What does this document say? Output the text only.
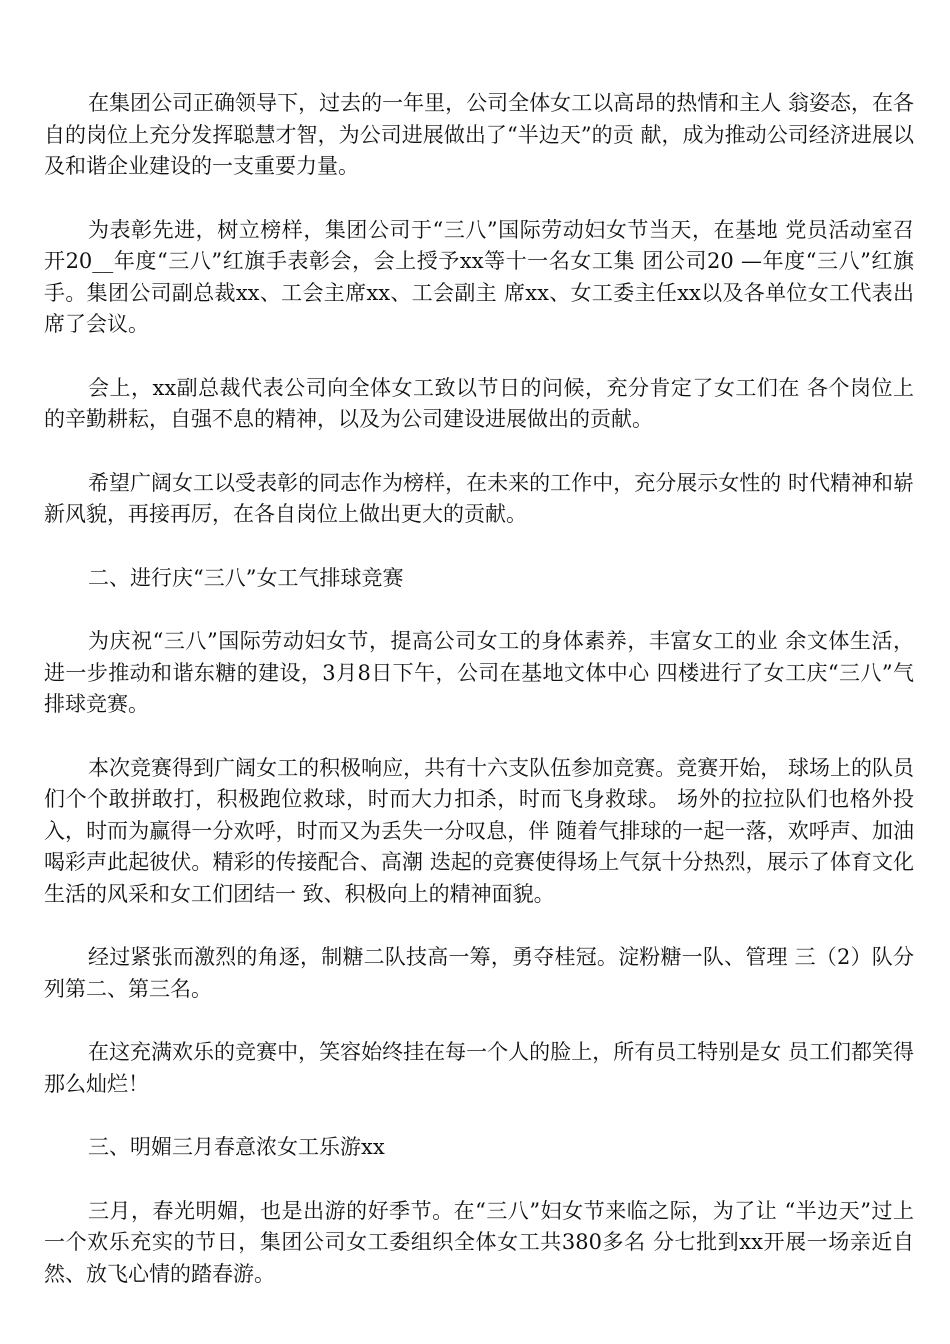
在集团公司正确领导下，过去的一年里，公司全体女工以高昂的热情和主人 翁姿态，在各自的岗位上充分发挥聪慧才智，为公司进展做出了“半边天”的贡 献，成为推动公司经济进展以及和谐企业建设的一支重要力量。

为表彰先进，树立榜样，集团公司于“三八”国际劳动妇女节当天，在基地 党员活动室召开20__年度“三八”红旗手表彰会，会上授予xx等十一名女工集 团公司20 —年度“三八”红旗手。集团公司副总裁xx、工会主席xx、工会副主 席xx、女工委主任xx以及各单位女工代表出席了会议。

会上，xx副总裁代表公司向全体女工致以节日的问候，充分肯定了女工们在 各个岗位上的辛勤耕耘，自强不息的精神，以及为公司建设进展做出的贡献。

希望广阔女工以受表彰的同志作为榜样，在未来的工作中，充分展示女性的 时代精神和崭新风貌，再接再厉，在各自岗位上做出更大的贡献。

二、进行庆“三八”女工气排球竞赛

为庆祝“三八”国际劳动妇女节，提高公司女工的身体素养，丰富女工的业 余文体生活，进一步推动和谐东糖的建设，3月8日下午，公司在基地文体中心 四楼进行了女工庆“三八”气排球竞赛。

本次竞赛得到广阔女工的积极响应，共有十六支队伍参加竞赛。竞赛开始， 球场上的队员们个个敢拼敢打，积极跑位救球，时而大力扣杀，时而飞身救球。 场外的拉拉队们也格外投入，时而为赢得一分欢呼，时而又为丢失一分叹息，伴 随着气排球的一起一落，欢呼声、加油喝彩声此起彼伏。精彩的传接配合、高潮 迭起的竞赛使得场上气氛十分热烈，展示了体育文化生活的风采和女工们团结一 致、积极向上的精神面貌。

经过紧张而激烈的角逐，制糖二队技高一筹，勇夺桂冠。淀粉糖一队、管理 三（2）队分列第二、第三名。

在这充满欢乐的竞赛中，笑容始终挂在每一个人的脸上，所有员工特别是女 员工们都笑得那么灿烂！

三、明媚三月春意浓女工乐游xx

三月，春光明媚，也是出游的好季节。在“三八”妇女节来临之际，为了让 “半边天”过上一个欢乐充实的节日，集团公司女工委组织全体女工共380多名 分七批到xx开展一场亲近自然、放飞心情的踏春游。
